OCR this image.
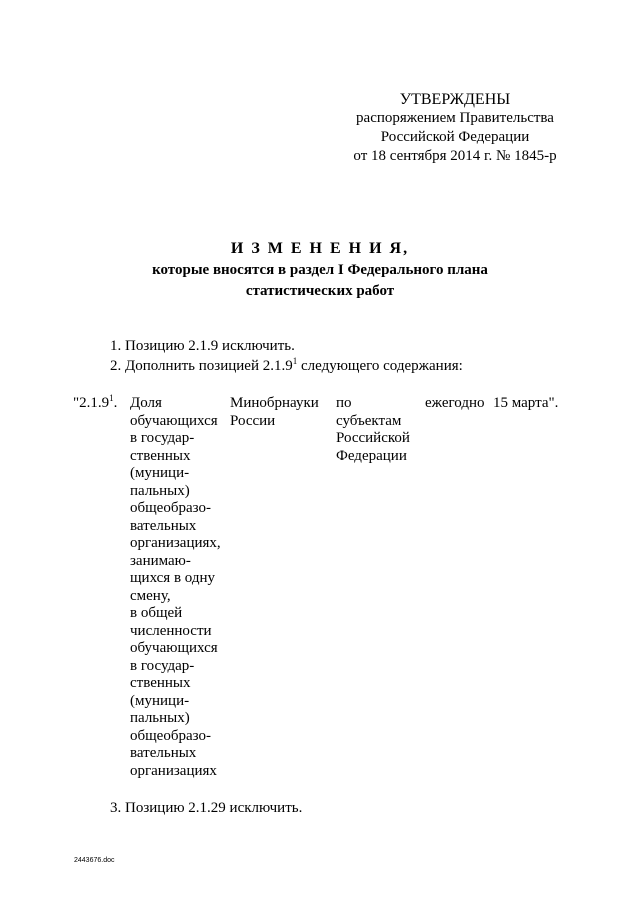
УТВЕРЖДЕНЫ
распоряжением Правительства
Российской Федерации
от 18 сентября 2014 г. № 1845-р
И З М Е Н Е Н И Я,
которые вносятся в раздел I Федерального плана
статистических работ
1. Позицию 2.1.9 исключить.
2. Дополнить позицией 2.1.9$^1$ следующего содержания:
"2.1.9$^1$. Доля
обучающихся
в государ-
ственных
(муници-
пальных)
общеобразо-
вательных
организациях,
занимаю-
щихся в одну
смену,
в общей
численности
обучающихся
в государ-
ственных
(муници-
пальных)
общеобразо-
вательных
организациях
Минобрнауки
России
по
субъектам
Российской
Федерации
ежегодно 15 марта".
3. Позицию 2.1.29 исключить.
2443676.doc
